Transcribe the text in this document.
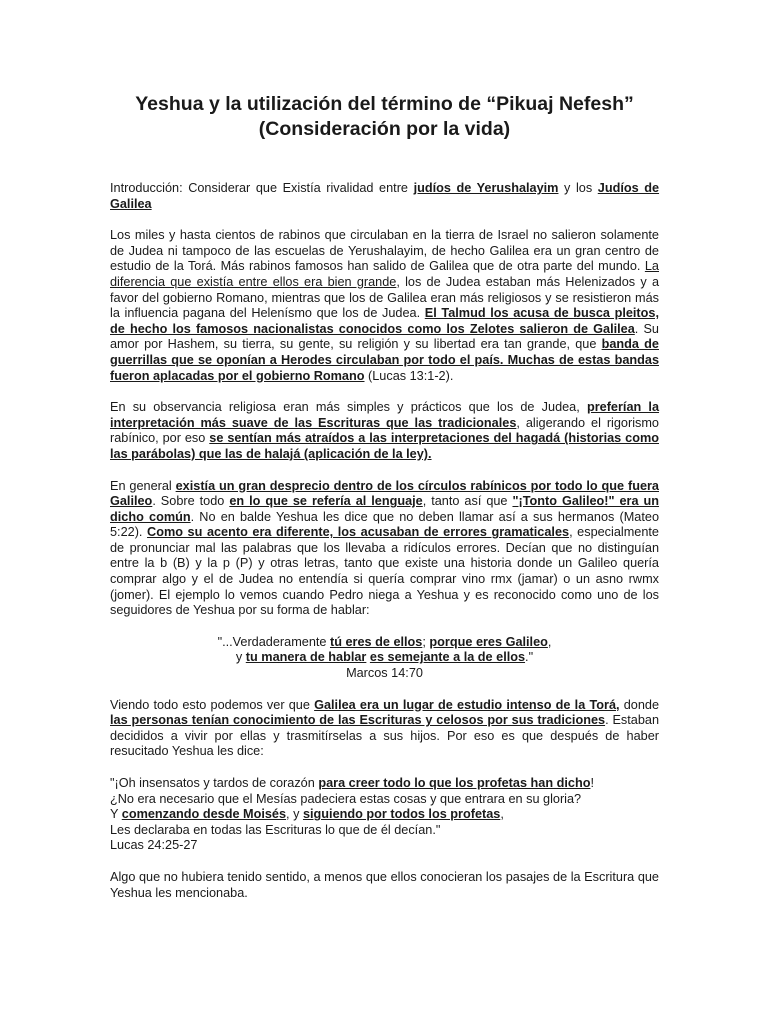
Yeshua y la utilización del término de “Pikuaj Nefesh” (Consideración por la vida)

Introducción: Considerar que Existía rivalidad entre judíos de Yerushalayim y los Judíos de Galilea

Los miles y hasta cientos de rabinos que circulaban en la tierra de Israel no salieron solamente de Judea ni tampoco de las escuelas de Yerushalayim, de hecho Galilea era un gran centro de estudio de la Torá. Más rabinos famosos han salido de Galilea que de otra parte del mundo. La diferencia que existía entre ellos era bien grande, los de Judea estaban más Helenizados y a favor del gobierno Romano, mientras que los de Galilea eran más religiosos y se resistieron más la influencia pagana del Helenísmo que los de Judea. El Talmud los acusa de busca pleitos, de hecho los famosos nacionalistas conocidos como los Zelotes salieron de Galilea. Su amor por Hashem, su tierra, su gente, su religión y su libertad era tan grande, que banda de guerrillas que se oponían a Herodes circulaban por todo el país. Muchas de estas bandas fueron aplacadas por el gobierno Romano (Lucas 13:1-2).

En su observancia religiosa eran más simples y prácticos que los de Judea, preferían la interpretación más suave de las Escrituras que las tradicionales, aligerando el rigorismo rabínico, por eso se sentían más atraídos a las interpretaciones del hagadá (historias como las parábolas) que las de halajá (aplicación de la ley).

En general existía un gran desprecio dentro de los círculos rabínicos por todo lo que fuera Galileo. Sobre todo en lo que se refería al lenguaje, tanto así que "¡Tonto Galileo!" era un dicho común. No en balde Yeshua les dice que no deben llamar así a sus hermanos (Mateo 5:22). Como su acento era diferente, los acusaban de errores gramaticales, especialmente de pronunciar mal las palabras que los llevaba a ridículos errores. Decían que no distinguían entre la b (B) y la p (P) y otras letras, tanto que existe una historia donde un Galileo quería comprar algo y el de Judea no entendía si quería comprar vino rmx (jamar) o un asno rwmx (jomer). El ejemplo lo vemos cuando Pedro niega a Yeshua y es reconocido como uno de los seguidores de Yeshua por su forma de hablar:

"...Verdaderamente tú eres de ellos; porque eres Galileo,
y tu manera de hablar es semejante a la de ellos."
Marcos 14:70

Viendo todo esto podemos ver que Galilea era un lugar de estudio intenso de la Torá, donde las personas tenían conocimiento de las Escrituras y celosos por sus tradiciones. Estaban decididos a vivir por ellas y trasmitírselas a sus hijos. Por eso es que después de haber resucitado Yeshua les dice:

"¡Oh insensatos y tardos de corazón para creer todo lo que los profetas han dicho!
¿No era necesario que el Mesías padeciera estas cosas y que entrara en su gloria?
Y comenzando desde Moisés, y siguiendo por todos los profetas,
Les declaraba en todas las Escrituras lo que de él decían."
Lucas 24:25-27

Algo que no hubiera tenido sentido, a menos que ellos conocieran los pasajes de la Escritura que Yeshua les mencionaba.
